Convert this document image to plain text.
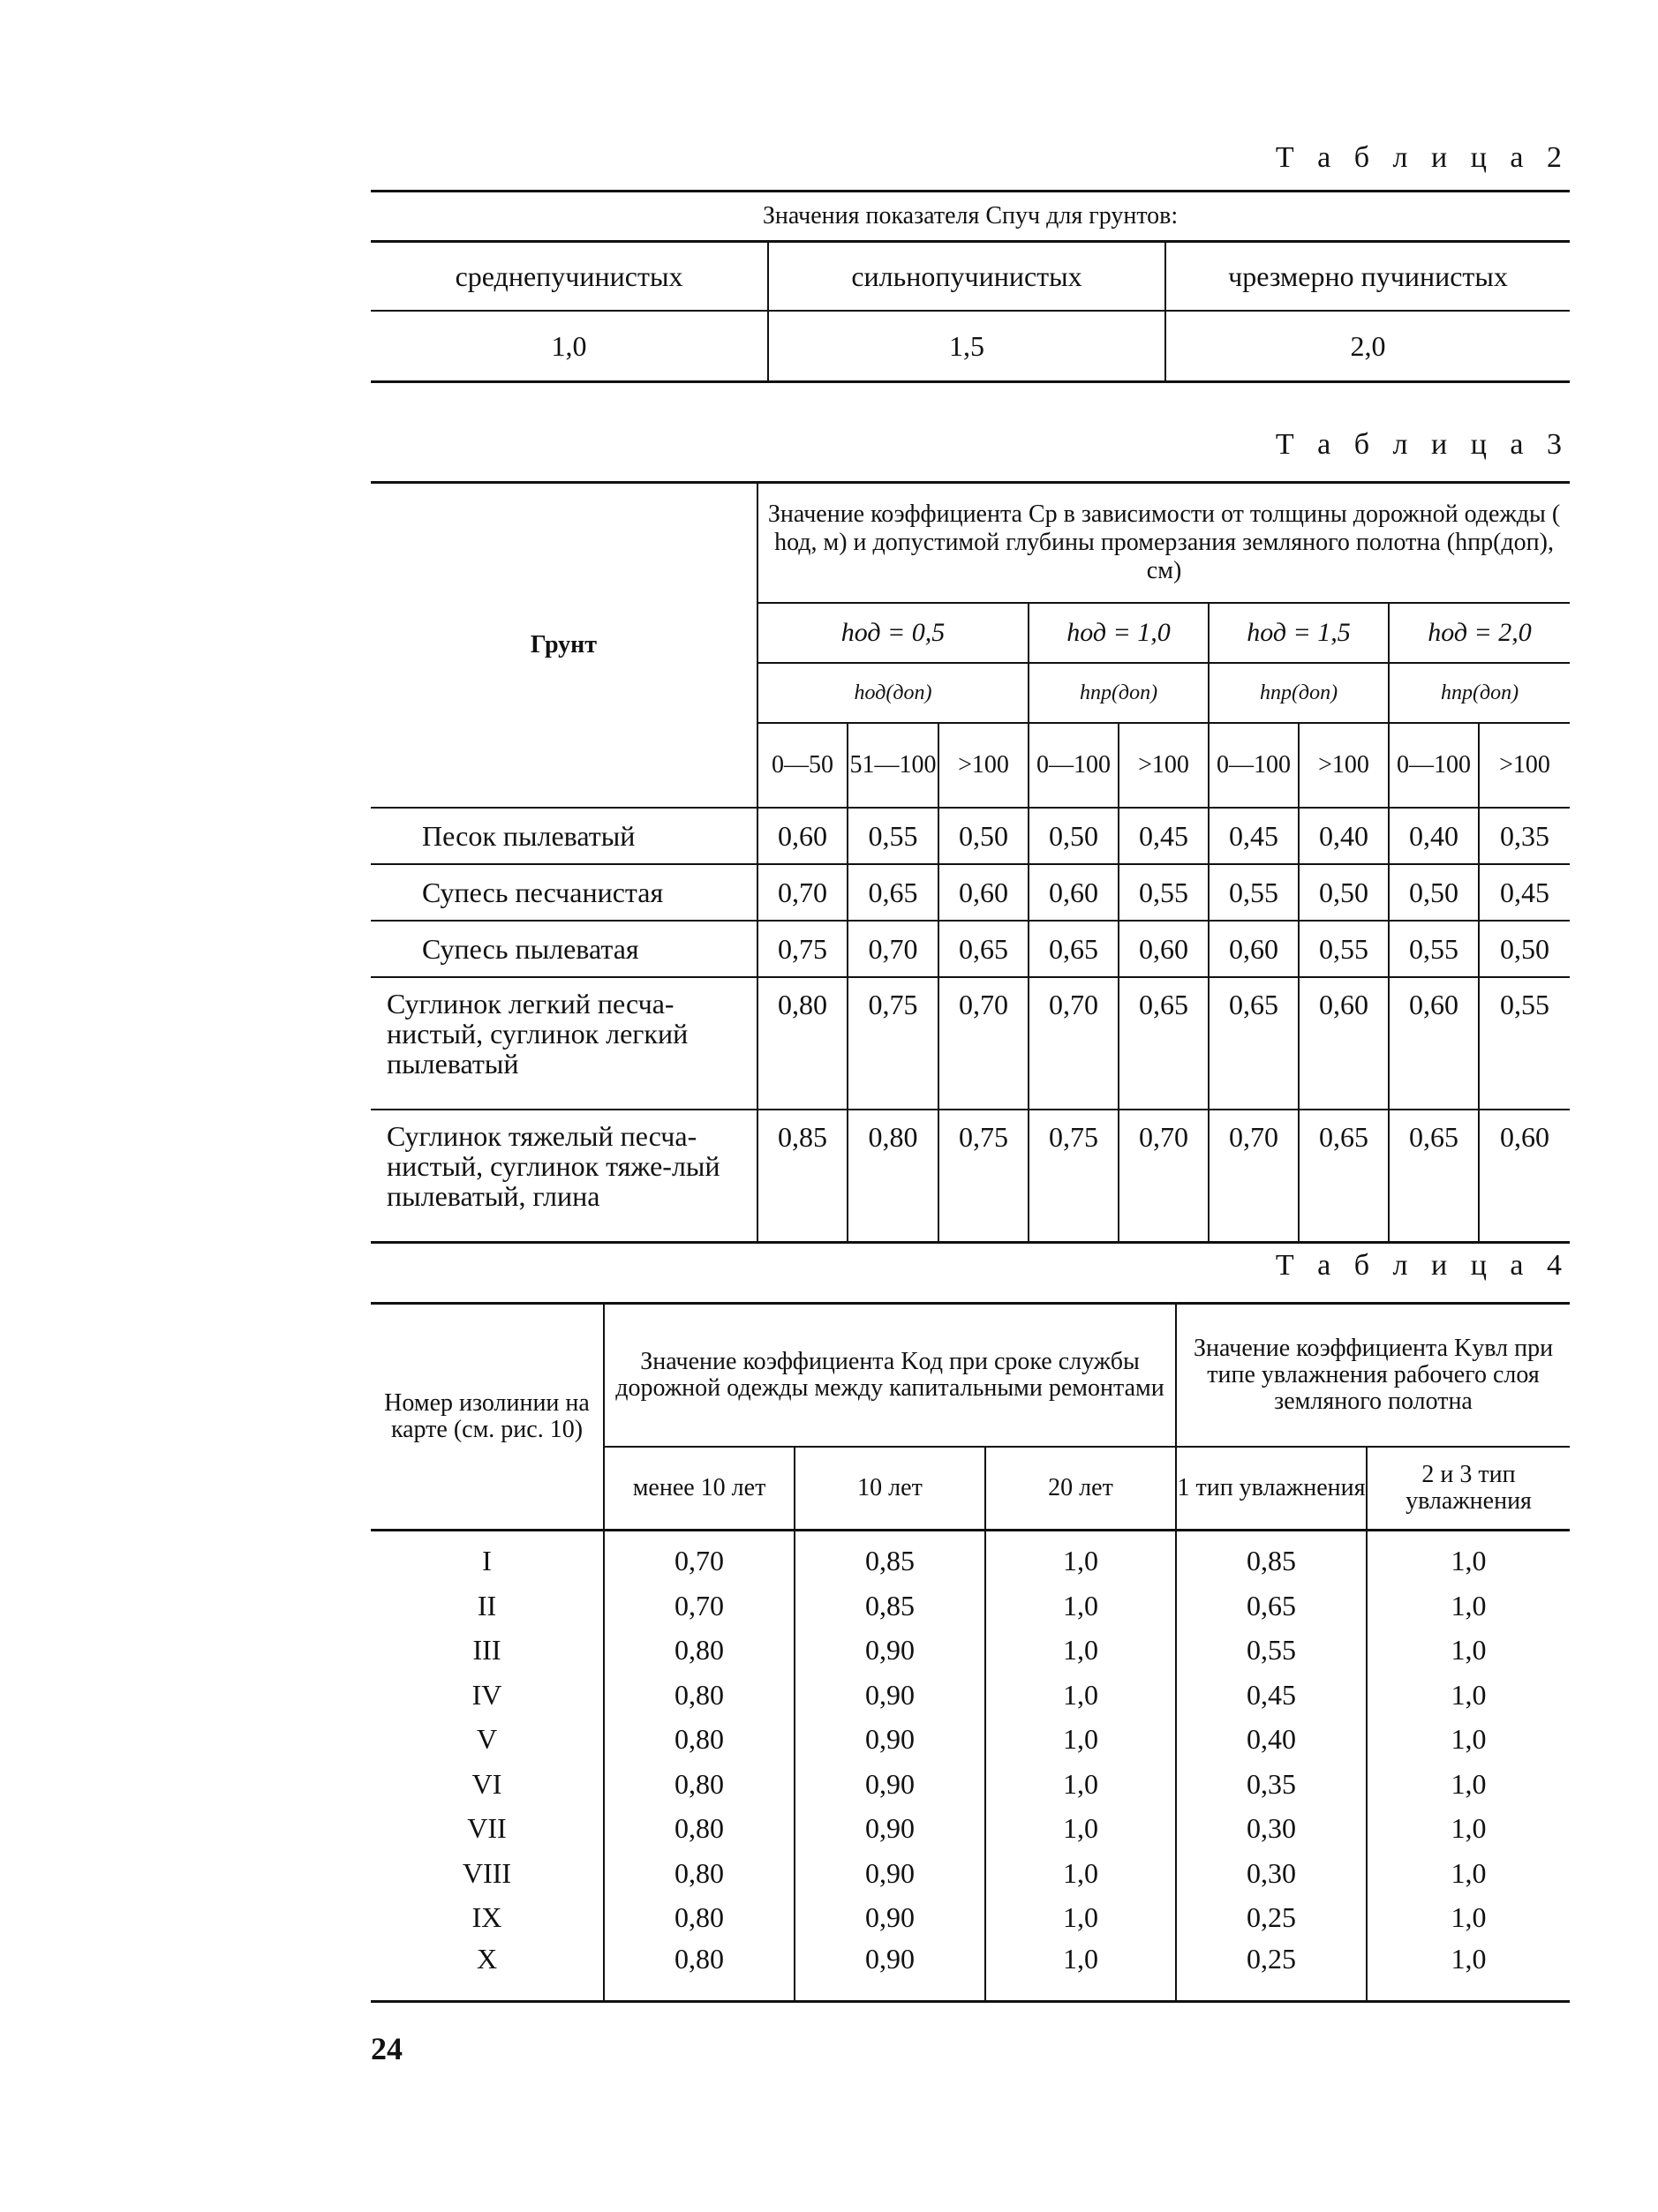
Т а б л и ц а 2
Значения показателя Спуч для грунтов:		
среднепучинистых	сильнопучинистых	чрезмерно пучинистых
1,0	1,5	2,0
Т а б л и ц а 3
Грунт	Значение коэффициента Ср в зависимости от толщины дорожной одежды ( hод, м) и допустимой глубины промерзания земляного полотна (hпр(доп), см)								
	hод = 0,5			hод = 1,0		hод = 1,5		hод = 2,0	
	hод(доп)			hпр(доп)		hпр(доп)		hпр(доп)	
	0—50	51—100	>100	0—100	>100	0—100	>100	0—100	>100
Песок пылеватый	0,60	0,55	0,50	0,50	0,45	0,45	0,40	0,40	0,35
Супесь песчанистая	0,70	0,65	0,60	0,60	0,55	0,55	0,50	0,50	0,45
Супесь пылеватая	0,75	0,70	0,65	0,65	0,60	0,60	0,55	0,55	0,50
Суглинок легкий песча-нистый, суглинок легкий пылеватый	0,80	0,75	0,70	0,70	0,65	0,65	0,60	0,60	0,55
Суглинок тяжелый песча-нистый, суглинок тяже-лый пылеватый, глина	0,85	0,80	0,75	0,75	0,70	0,70	0,65	0,65	0,60
Т а б л и ц а 4
Номер изолинии на карте (см. рис. 10)	Значение коэффициента Kод при сроке службы дорожной одежды между капитальными ремонтами			Значение коэффициента Kувл при типе увлажнения рабочего слоя земляного полотна	
	менее 10 лет	10 лет	20 лет	1 тип увлажнения	2 и 3 тип увлажнения
I	0,70	0,85	1,0	0,85	1,0
II	0,70	0,85	1,0	0,65	1,0
III	0,80	0,90	1,0	0,55	1,0
IV	0,80	0,90	1,0	0,45	1,0
V	0,80	0,90	1,0	0,40	1,0
VI	0,80	0,90	1,0	0,35	1,0
VII	0,80	0,90	1,0	0,30	1,0
VIII	0,80	0,90	1,0	0,30	1,0
IX	0,80	0,90	1,0	0,25	1,0
X	0,80	0,90	1,0	0,25	1,0
24
